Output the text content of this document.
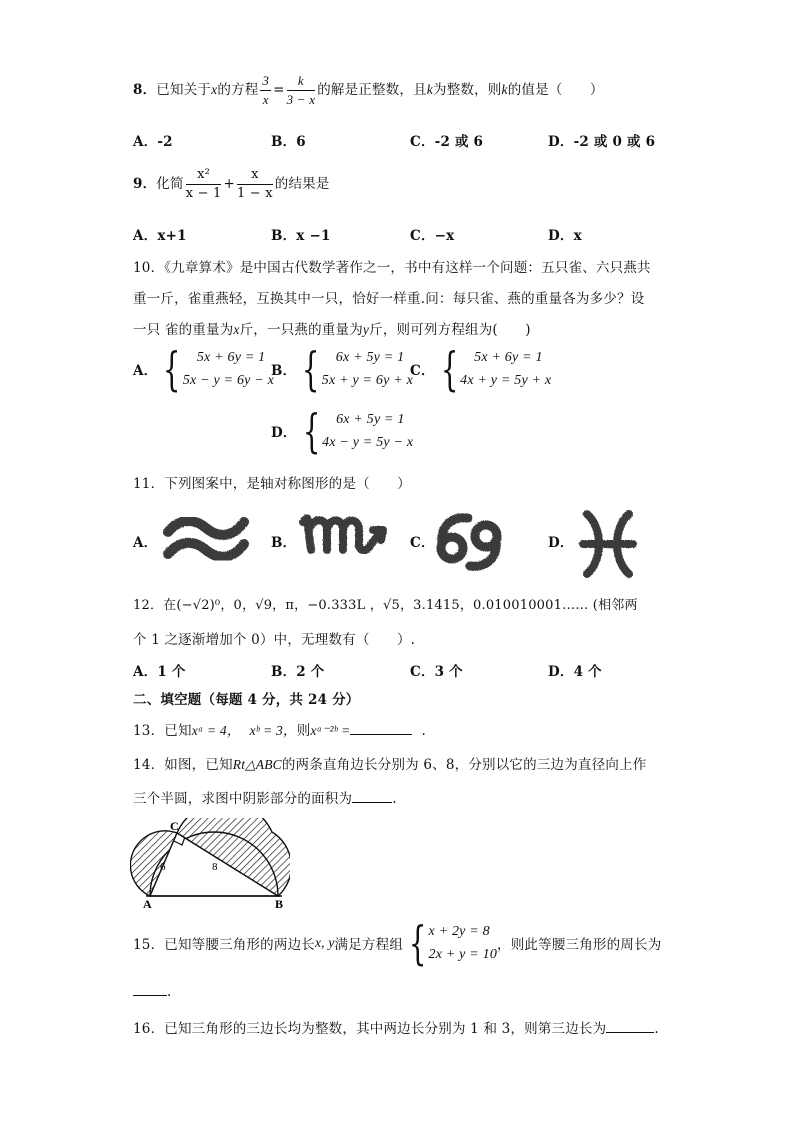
8．已知关于x的方程 $\frac{3}{x} = \frac{k}{3 - x}$ 的解是正整数，且k为整数，则k的值是（　　）
A．-2	B．6	C．-2 或 6	D．-2 或 0 或 6
9．化简 $\frac{\text{x²}}{x - 1} + \frac{x}{1 - x}$ 的结果是
A．x+1	B．x −1	C．−x	D．x
10．《九章算术》是中国古代数学著作之一，书中有这样一个问题：五只雀、六只燕共
重一斤，雀重燕轻，互换其中一只，恰好一样重.问：每只雀、燕的重量各为多少？设
一只 雀的重量为x斤，一只燕的重量为y斤，则可列方程组为(　　)
A． {	5x + 6y = 1
5x − y = 6y − x
B． {	6x + 5y = 1
5x + y = 6y + x
C． {	5x + 6y = 1
4x + y = 5y + x
D． {	6x + 5y = 1
4x − y = 5y − x
11．下列图案中，是轴对称图形的是（　　）
A．	B．	C．	D．
12．在(−√2)⁰，0，√9，π，−0.333L ，√5，3.1415，0.010010001…… (相邻两
个 1 之逐渐增加个 0）中，无理数有（　　）.
A．1 个	B．2 个	C．3 个	D．4 个
二、填空题（每题 4 分，共 24 分）
13．已知xᵃ = 4， xᵇ = 3，则xᵃ⁻²ᵇ =	.
14．如图，已知Rt△ABC的两条直角边长分别为 6、8，分别以它的三边为直径向上作
三个半圆，求图中阴影部分的面积为	.
C
A	B
6	8
15．已知等腰三角形的两边长x, y满足方程组 { x + 2y = 8
2x + y = 10
，则此等腰三角形的周长为
.
16．已知三角形的三边长均为整数，其中两边长分别为 1 和 3，则第三边长为	.
